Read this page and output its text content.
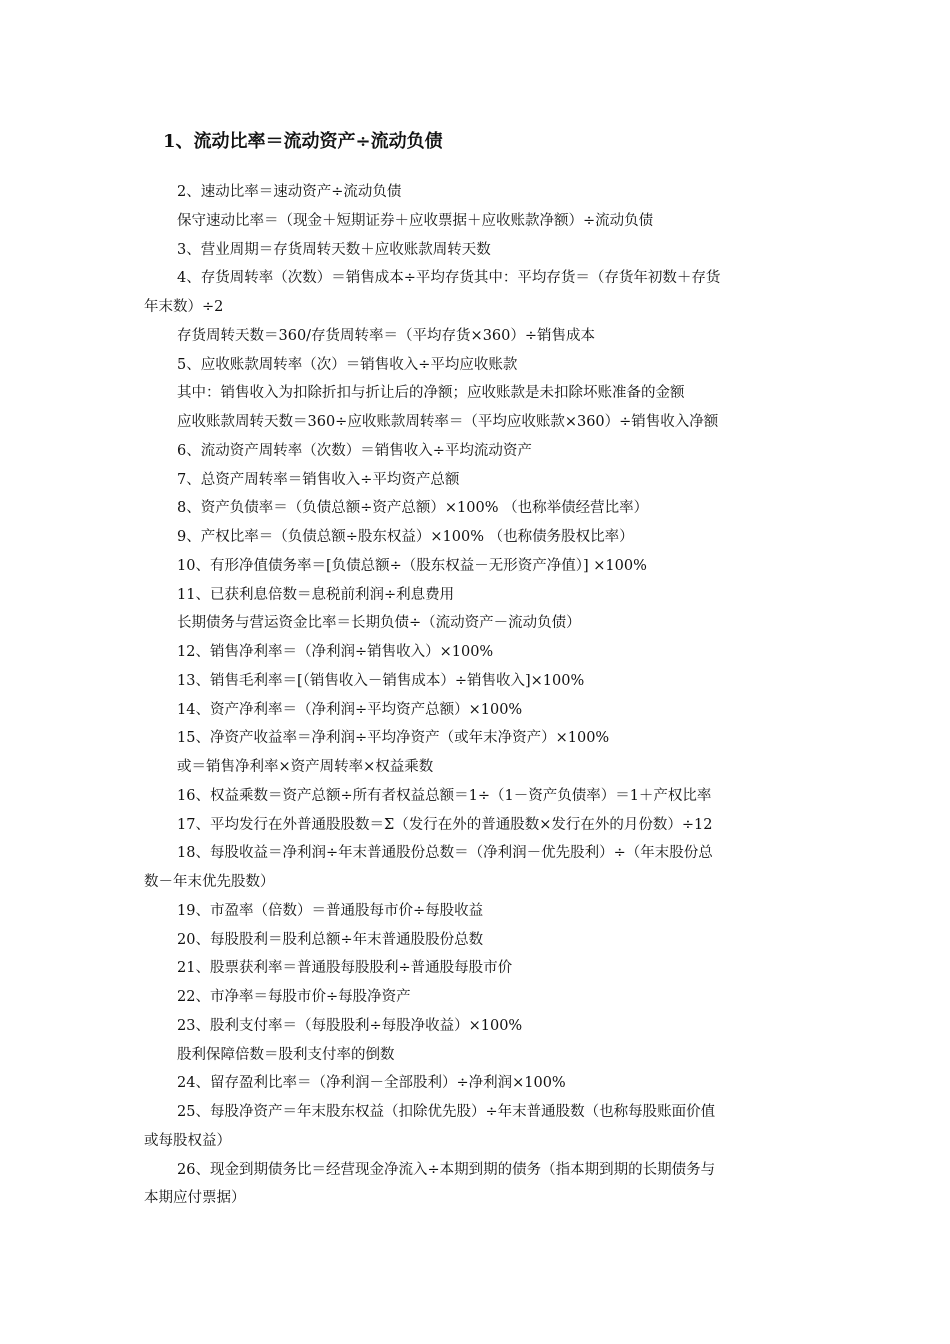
1、流动比率＝流动资产÷流动负债

2、速动比率＝速动资产÷流动负债

保守速动比率＝（现金＋短期证券＋应收票据＋应收账款净额）÷流动负债

3、营业周期＝存货周转天数＋应收账款周转天数

4、存货周转率（次数）＝销售成本÷平均存货其中：平均存货＝（存货年初数＋存货

年末数）÷2

存货周转天数＝360/存货周转率＝（平均存货×360）÷销售成本

5、应收账款周转率（次）＝销售收入÷平均应收账款

其中：销售收入为扣除折扣与折让后的净额；应收账款是未扣除坏账准备的金额

应收账款周转天数＝360÷应收账款周转率＝（平均应收账款×360）÷销售收入净额

6、流动资产周转率（次数）＝销售收入÷平均流动资产

7、总资产周转率＝销售收入÷平均资产总额

8、资产负债率＝（负债总额÷资产总额）×100% （也称举债经营比率）

9、产权比率＝（负债总额÷股东权益）×100% （也称债务股权比率）

10、有形净值债务率＝[负债总额÷（股东权益－无形资产净值）] ×100%

11、已获利息倍数＝息税前利润÷利息费用

长期债务与营运资金比率＝长期负债÷（流动资产－流动负债）

12、销售净利率＝（净利润÷销售收入）×100%

13、销售毛利率＝[（销售收入－销售成本）÷销售收入]×100%

14、资产净利率＝（净利润÷平均资产总额）×100%

15、净资产收益率＝净利润÷平均净资产（或年末净资产）×100%

或＝销售净利率×资产周转率×权益乘数

16、权益乘数＝资产总额÷所有者权益总额＝1÷（1－资产负债率）＝1＋产权比率

17、平均发行在外普通股股数＝Σ（发行在外的普通股数×发行在外的月份数）÷12

18、每股收益＝净利润÷年末普通股份总数＝（净利润－优先股利）÷（年末股份总

数－年末优先股数）

19、市盈率（倍数）＝普通股每市价÷每股收益

20、每股股利＝股利总额÷年末普通股股份总数

21、股票获利率＝普通股每股股利÷普通股每股市价

22、市净率＝每股市价÷每股净资产

23、股利支付率＝（每股股利÷每股净收益）×100%

股利保障倍数＝股利支付率的倒数

24、留存盈利比率＝（净利润－全部股利）÷净利润×100%

25、每股净资产＝年末股东权益（扣除优先股）÷年末普通股数（也称每股账面价值

或每股权益）

26、现金到期债务比＝经营现金净流入÷本期到期的债务（指本期到期的长期债务与

本期应付票据）
